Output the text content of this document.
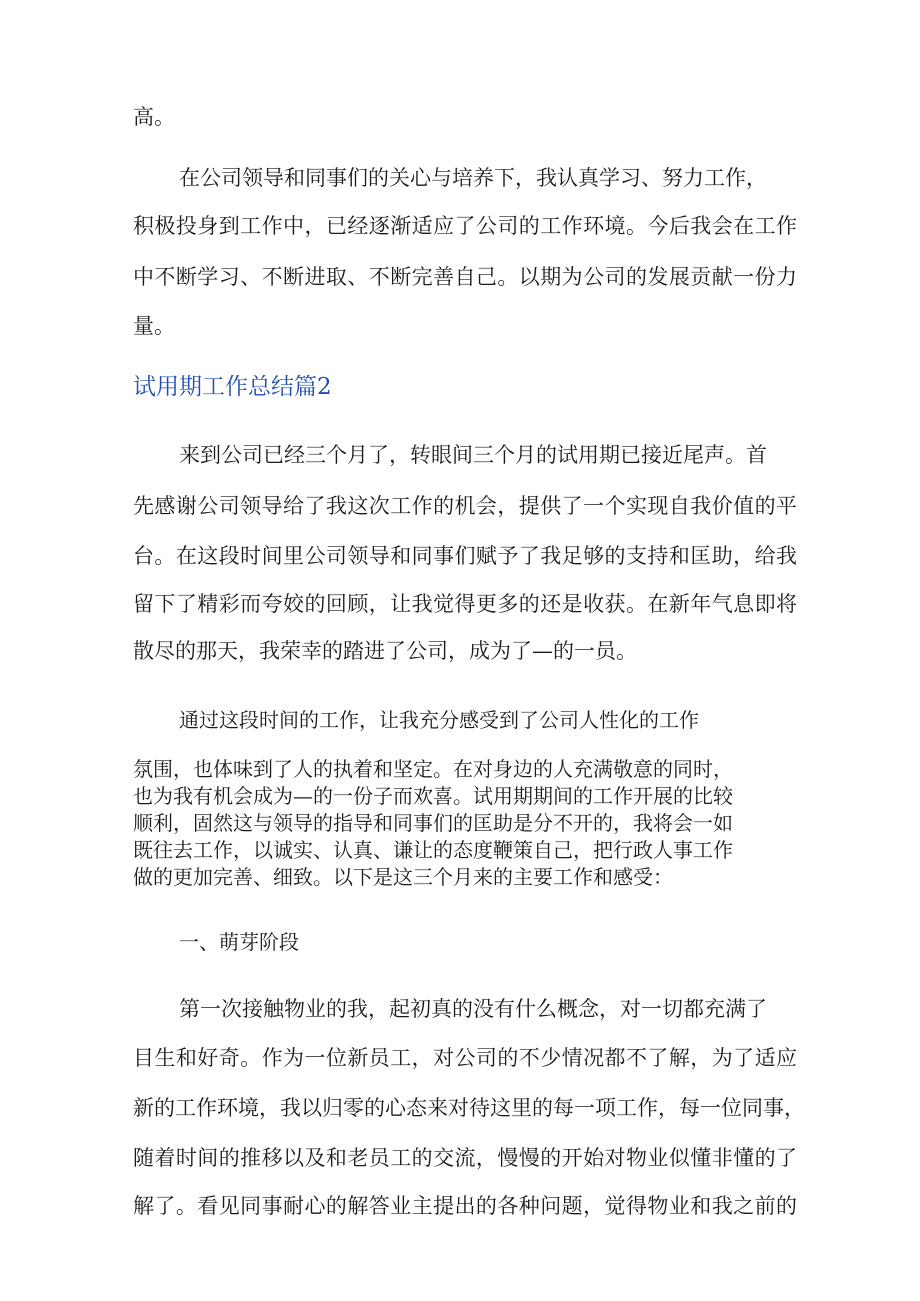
高。
在公司领导和同事们的关心与培养下，我认真学习、努力工作，
积极投身到工作中，已经逐渐适应了公司的工作环境。今后我会在工作
中不断学习、不断进取、不断完善自己。以期为公司的发展贡献一份力
量。
试用期工作总结篇2
来到公司已经三个月了，转眼间三个月的试用期已接近尾声。首
先感谢公司领导给了我这次工作的机会，提供了一个实现自我价值的平
台。在这段时间里公司领导和同事们赋予了我足够的支持和匡助，给我
留下了精彩而夸姣的回顾，让我觉得更多的还是收获。在新年气息即将
散尽的那天，我荣幸的踏进了公司，成为了—的一员。
通过这段时间的工作，让我充分感受到了公司人性化的工作
氛围，也体味到了人的执着和坚定。在对身边的人充满敬意的同时，
也为我有机会成为—的一份子而欢喜。试用期期间的工作开展的比较
顺利，固然这与领导的指导和同事们的匡助是分不开的，我将会一如
既往去工作，以诚实、认真、谦让的态度鞭策自己，把行政人事工作
做的更加完善、细致。以下是这三个月来的主要工作和感受：
一、萌芽阶段
第一次接触物业的我，起初真的没有什么概念，对一切都充满了
目生和好奇。作为一位新员工，对公司的不少情况都不了解，为了适应
新的工作环境，我以归零的心态来对待这里的每一项工作，每一位同事，
随着时间的推移以及和老员工的交流，慢慢的开始对物业似懂非懂的了
解了。看见同事耐心的解答业主提出的各种问题，觉得物业和我之前的
